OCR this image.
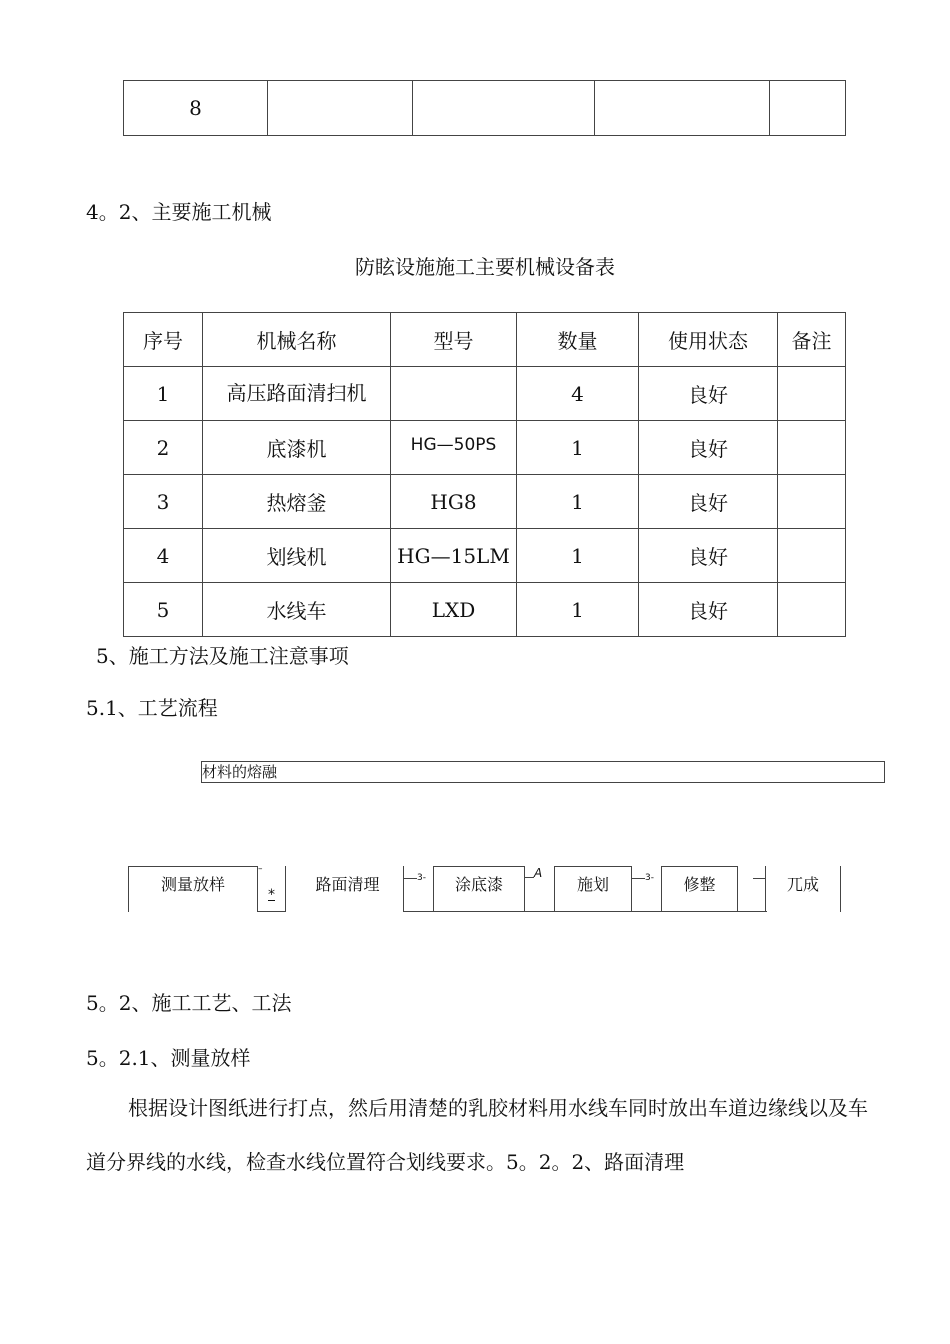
8				
4。2、主要施工机械
防眩设施施工主要机械设备表
序号	机械名称	型号	数量	使用状态	备注
1	高压路面清扫机		4	良好	
2	底漆机	HG—50PS	1	良好	
3	热熔釜	HG8	1	良好	
4	划线机	HG—15LM	1	良好	
5	水线车	LXD	1	良好	
5、施工方法及施工注意事项
5.1、工艺流程
材料的熔融
测量放样
–
*
路面清理	3-	涂底漆
A
施划	3-	修整	兀成
5。2、施工工艺、工法
5。2.1、测量放样
根据设计图纸进行打点，然后用清楚的乳胶材料用水线车同时放出车道边缘线以及车道分界线的水线，检查水线位置符合划线要求。5。2。2、路面清理
